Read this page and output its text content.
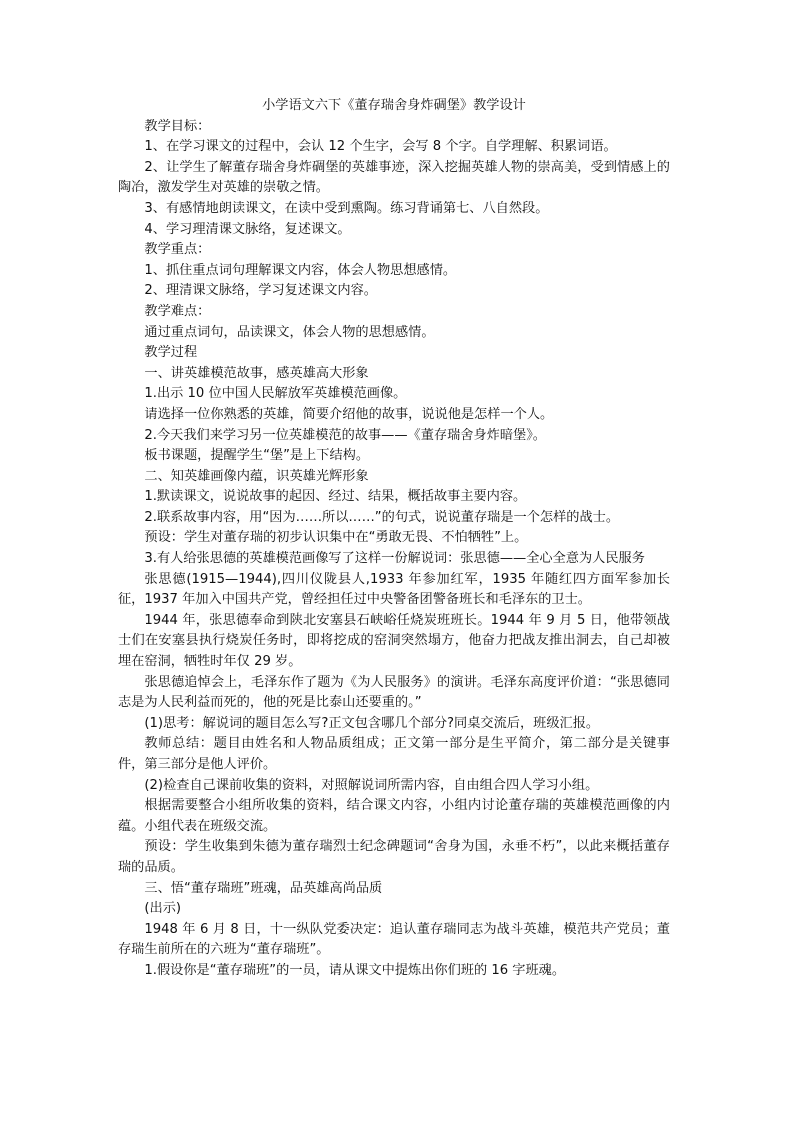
小学语文六下《董存瑞舍身炸碉堡》教学设计

教学目标：

1、在学习课文的过程中，会认 12 个生字，会写 8 个字。自学理解、积累词语。

2、让学生了解董存瑞舍身炸碉堡的英雄事迹，深入挖掘英雄人物的崇高美，受到情感上的陶冶，激发学生对英雄的崇敬之情。

3、有感情地朗读课文，在读中受到熏陶。练习背诵第七、八自然段。

4、学习理清课文脉络，复述课文。

教学重点：

1、抓住重点词句理解课文内容，体会人物思想感情。

2、理清课文脉络，学习复述课文内容。

教学难点：

通过重点词句，品读课文，体会人物的思想感情。

教学过程

一、讲英雄模范故事，感英雄高大形象

1.出示 10 位中国人民解放军英雄模范画像。

请选择一位你熟悉的英雄，简要介绍他的故事，说说他是怎样一个人。

2.今天我们来学习另一位英雄模范的故事——《董存瑞舍身炸暗堡》。

板书课题，提醒学生“堡”是上下结构。

二、知英雄画像内蕴，识英雄光辉形象

1.默读课文，说说故事的起因、经过、结果，概括故事主要内容。

2.联系故事内容，用“因为……所以……”的句式，说说董存瑞是一个怎样的战士。

预设：学生对董存瑞的初步认识集中在“勇敢无畏、不怕牺牲”上。

3.有人给张思德的英雄模范画像写了这样一份解说词：张思德——全心全意为人民服务

张思德(1915—1944),四川仪陇县人,1933 年参加红军，1935 年随红四方面军参加长征，1937 年加入中国共产党，曾经担任过中央警备团警备班长和毛泽东的卫士。

1944 年，张思德奉命到陕北安塞县石峡峪任烧炭班班长。1944 年 9 月 5 日，他带领战士们在安塞县执行烧炭任务时，即将挖成的窑洞突然塌方，他奋力把战友推出洞去，自己却被埋在窑洞，牺牲时年仅 29 岁。

张思德追悼会上，毛泽东作了题为《为人民服务》的演讲。毛泽东高度评价道：“张思德同志是为人民利益而死的，他的死是比泰山还要重的。”

(1)思考：解说词的题目怎么写?正文包含哪几个部分?同桌交流后，班级汇报。

教师总结：题目由姓名和人物品质组成；正文第一部分是生平简介，第二部分是关键事件，第三部分是他人评价。

(2)检查自己课前收集的资料，对照解说词所需内容，自由组合四人学习小组。

根据需要整合小组所收集的资料，结合课文内容，小组内讨论董存瑞的英雄模范画像的内蕴。小组代表在班级交流。

预设：学生收集到朱德为董存瑞烈士纪念碑题词“舍身为国，永垂不朽”，以此来概括董存瑞的品质。

三、悟“董存瑞班”班魂，品英雄高尚品质

(出示)

1948 年 6 月 8 日，十一纵队党委决定：追认董存瑞同志为战斗英雄，模范共产党员；董存瑞生前所在的六班为“董存瑞班”。

1.假设你是“董存瑞班”的一员，请从课文中提炼出你们班的 16 字班魂。
